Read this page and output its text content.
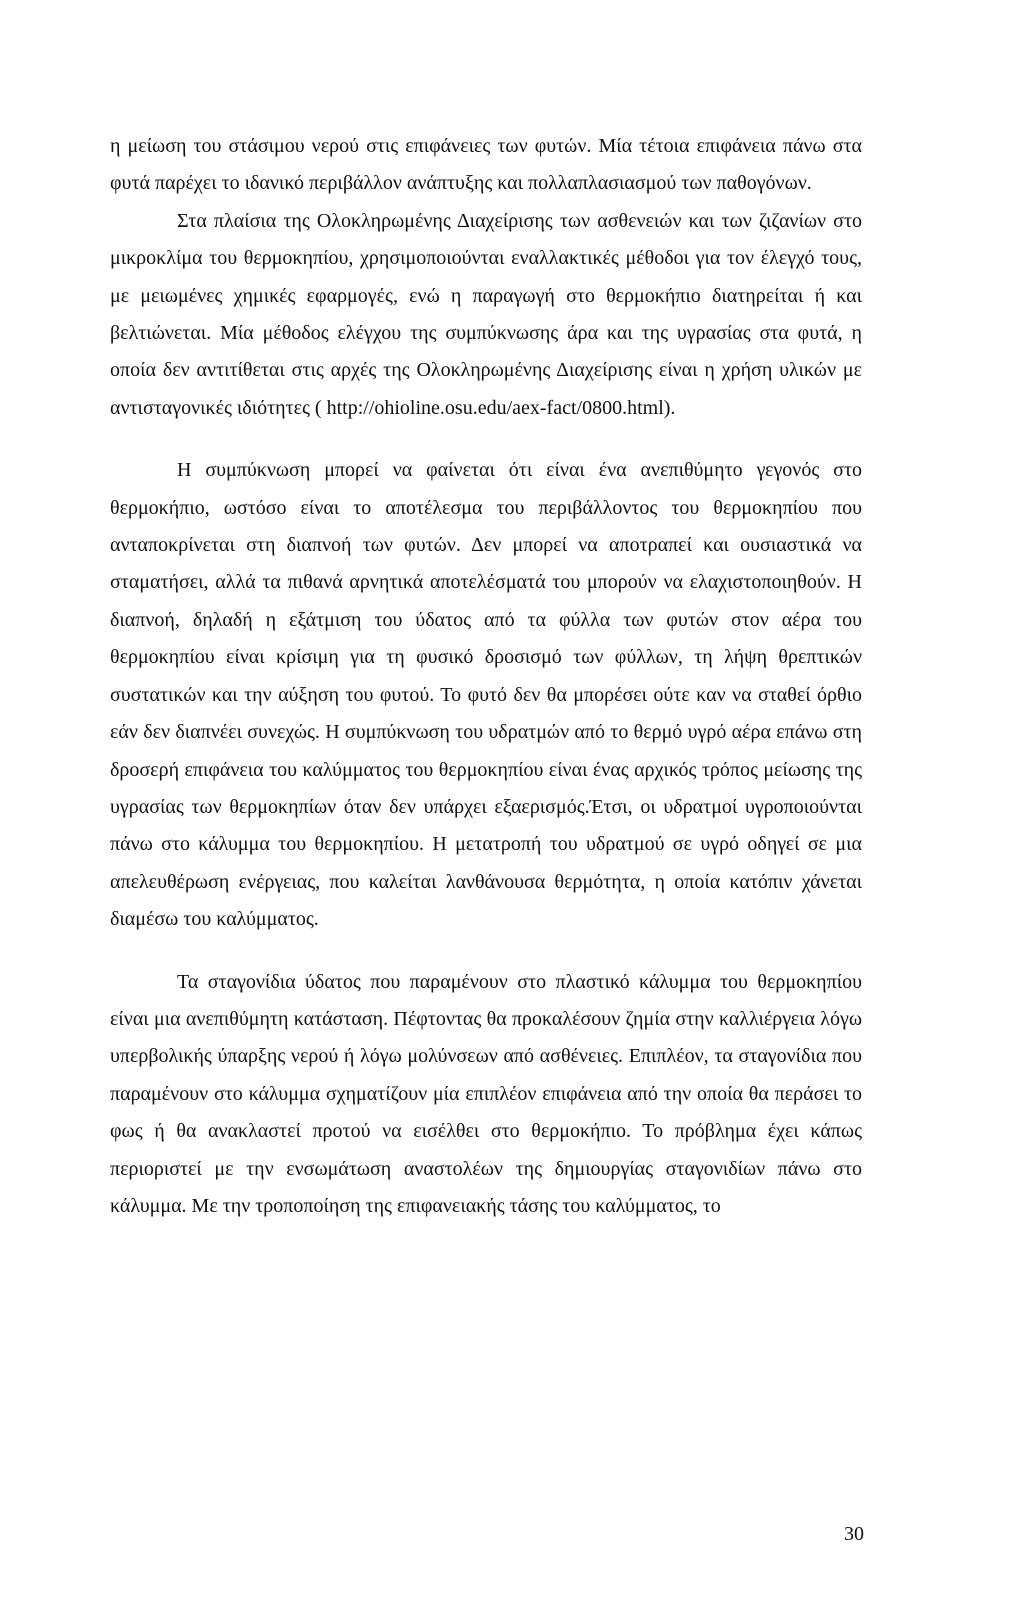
η μείωση του στάσιμου νερού στις επιφάνειες των φυτών. Μία τέτοια επιφάνεια πάνω στα φυτά παρέχει το ιδανικό περιβάλλον ανάπτυξης και πολλαπλασιασμού των παθογόνων.

Στα πλαίσια της Ολοκληρωμένης Διαχείρισης των ασθενειών και των ζιζανίων στο μικροκλίμα του θερμοκηπίου, χρησιμοποιούνται εναλλακτικές μέθοδοι για τον έλεγχό τους, με μειωμένες χημικές εφαρμογές, ενώ η παραγωγή στο θερμοκήπιο διατηρείται ή και βελτιώνεται. Μία μέθοδος ελέγχου της συμπύκνωσης άρα και της υγρασίας στα φυτά, η οποία δεν αντιτίθεται στις αρχές της Ολοκληρωμένης Διαχείρισης είναι η χρήση υλικών με αντισταγονικές ιδιότητες ( http://ohioline.osu.edu/aex-fact/0800.html).

Η συμπύκνωση μπορεί να φαίνεται ότι είναι ένα ανεπιθύμητο γεγονός στο θερμοκήπιο, ωστόσο είναι το αποτέλεσμα του περιβάλλοντος του θερμοκηπίου που ανταποκρίνεται στη διαπνοή των φυτών. Δεν μπορεί να αποτραπεί και ουσιαστικά να σταματήσει, αλλά τα πιθανά αρνητικά αποτελέσματά του μπορούν να ελαχιστοποιηθούν. Η διαπνοή, δηλαδή η εξάτμιση του ύδατος από τα φύλλα των φυτών στον αέρα του θερμοκηπίου είναι κρίσιμη για τη φυσικό δροσισμό των φύλλων, τη λήψη θρεπτικών συστατικών και την αύξηση του φυτού. Το φυτό δεν θα μπορέσει ούτε καν να σταθεί όρθιο εάν δεν διαπνέει συνεχώς. Η συμπύκνωση του υδρατμών από το θερμό υγρό αέρα επάνω στη δροσερή επιφάνεια του καλύμματος του θερμοκηπίου είναι ένας αρχικός τρόπος μείωσης της υγρασίας των θερμοκηπίων όταν δεν υπάρχει εξαερισμός.Έτσι, οι υδρατμοί υγροποιούνται πάνω στο κάλυμμα του θερμοκηπίου. Η μετατροπή του υδρατμού σε υγρό οδηγεί σε μια απελευθέρωση ενέργειας, που καλείται λανθάνουσα θερμότητα, η οποία κατόπιν χάνεται διαμέσω του καλύμματος.

Τα σταγονίδια ύδατος που παραμένουν στο πλαστικό κάλυμμα του θερμοκηπίου είναι μια ανεπιθύμητη κατάσταση. Πέφτοντας θα προκαλέσουν ζημία στην καλλιέργεια λόγω υπερβολικής ύπαρξης νερού ή λόγω μολύνσεων από ασθένειες. Επιπλέον, τα σταγονίδια που παραμένουν στο κάλυμμα σχηματίζουν μία επιπλέον επιφάνεια από την οποία θα περάσει το φως ή θα ανακλαστεί προτού να εισέλθει στο θερμοκήπιο. Το πρόβλημα έχει κάπως περιοριστεί με την ενσωμάτωση αναστολέων της δημιουργίας σταγονιδίων πάνω στο κάλυμμα. Με την τροποποίηση της επιφανειακής τάσης του καλύμματος, το

30
